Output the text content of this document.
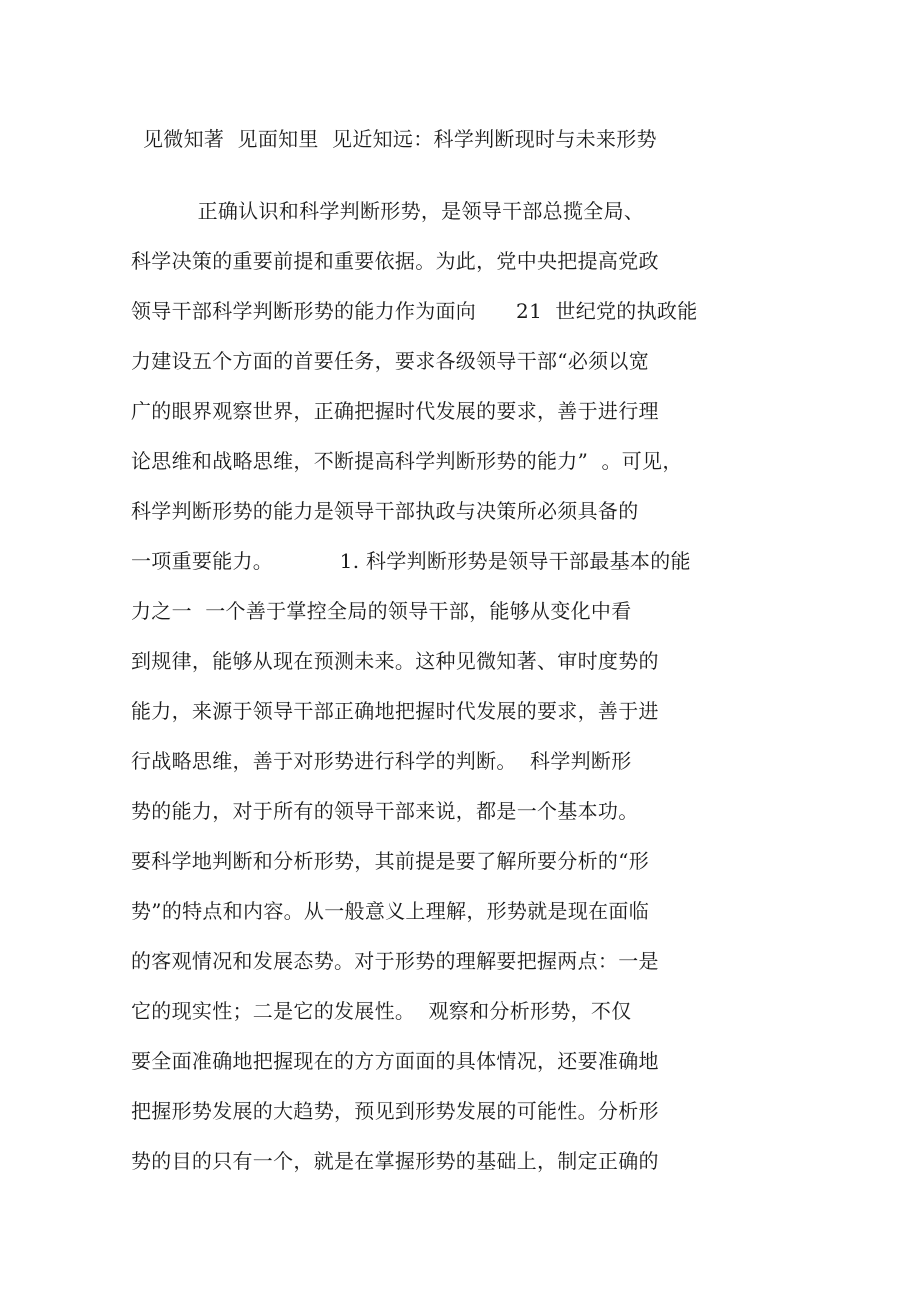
见微知著  见面知里  见近知远：科学判断现时与未来形势
正确认识和科学判断形势，是领导干部总揽全局、
科学决策的重要前提和重要依据。为此，党中央把提高党政
领导干部科学判断形势的能力作为面向      21  世纪党的执政能
力建设五个方面的首要任务，要求各级领导干部“必须以宽
广的眼界观察世界，正确把握时代发展的要求，善于进行理
论思维和战略思维，不断提高科学判断形势的能力”  。可见，
科学判断形势的能力是领导干部执政与决策所必须具备的
一项重要能力。          1. 科学判断形势是领导干部最基本的能
力之一  一个善于掌控全局的领导干部，能够从变化中看
到规律，能够从现在预测未来。这种见微知著、审时度势的
能力，来源于领导干部正确地把握时代发展的要求，善于进
行战略思维，善于对形势进行科学的判断。  科学判断形
势的能力，对于所有的领导干部来说，都是一个基本功。
要科学地判断和分析形势，其前提是要了解所要分析的“形
势”的特点和内容。从一般意义上理解，形势就是现在面临
的客观情况和发展态势。对于形势的理解要把握两点：一是
它的现实性；二是它的发展性。  观察和分析形势，不仅
要全面准确地把握现在的方方面面的具体情况，还要准确地
把握形势发展的大趋势，预见到形势发展的可能性。分析形
势的目的只有一个，就是在掌握形势的基础上，制定正确的
